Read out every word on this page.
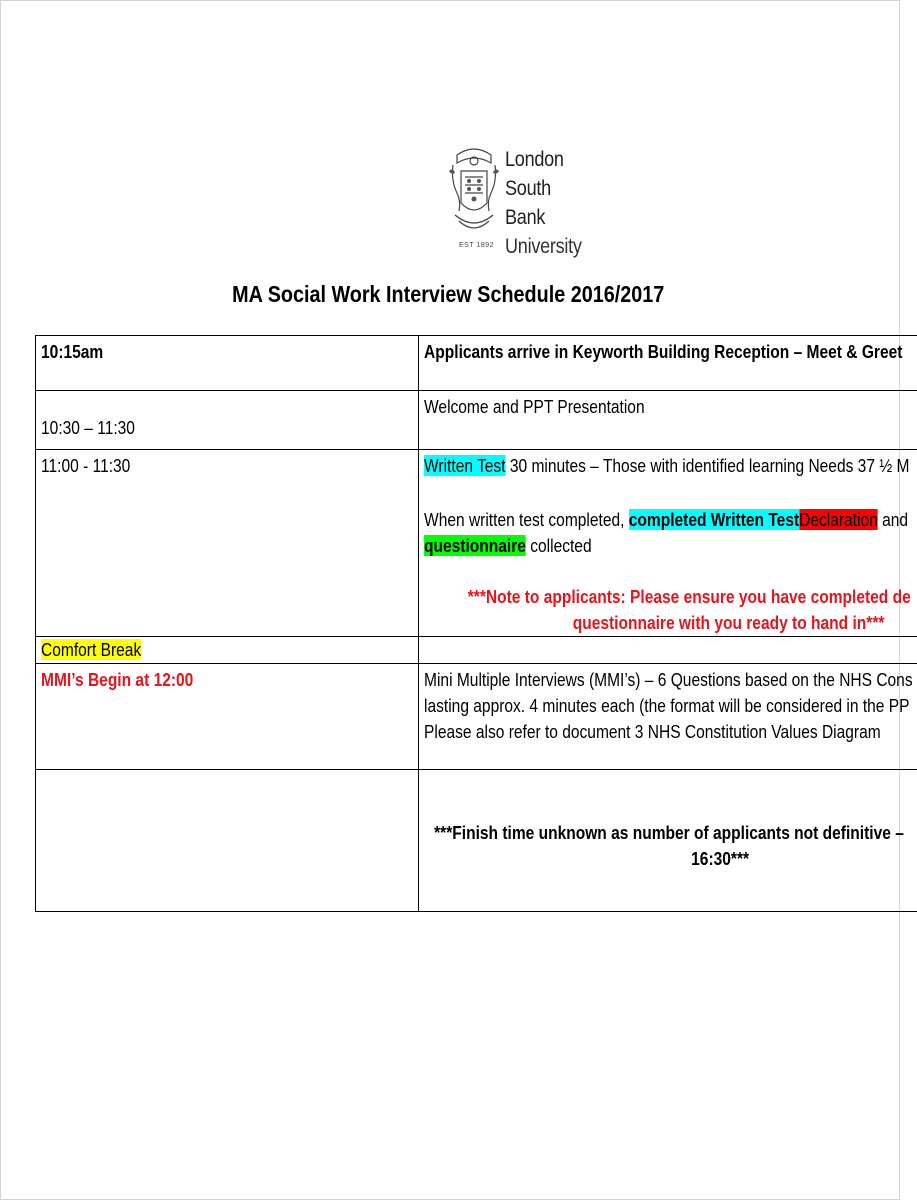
London
South Bank
University
EST 1892
MA Social Work Interview Schedule 2016/2017
10:15am	Applicants arrive in Keyworth Building Reception – Meet & Greet

10:30 – 11:30	Welcome and PPT Presentation

11:00 - 11:30	Written Test 30 minutes – Those with identified learning Needs 37 ½ M
When written test completed, completed Written TestDeclaration and
questionnaire collected
***Note to applicants: Please ensure you have completed de
questionnaire with you ready to hand in***

Comfort Break	

MMI’s Begin at 12:00	Mini Multiple Interviews (MMI’s) – 6 Questions based on the NHS Cons
lasting approx. 4 minutes each (the format will be considered in the PP
Please also refer to document 3 NHS Constitution Values Diagram

	***Finish time unknown as number of applicants not definitive –
16:30***
